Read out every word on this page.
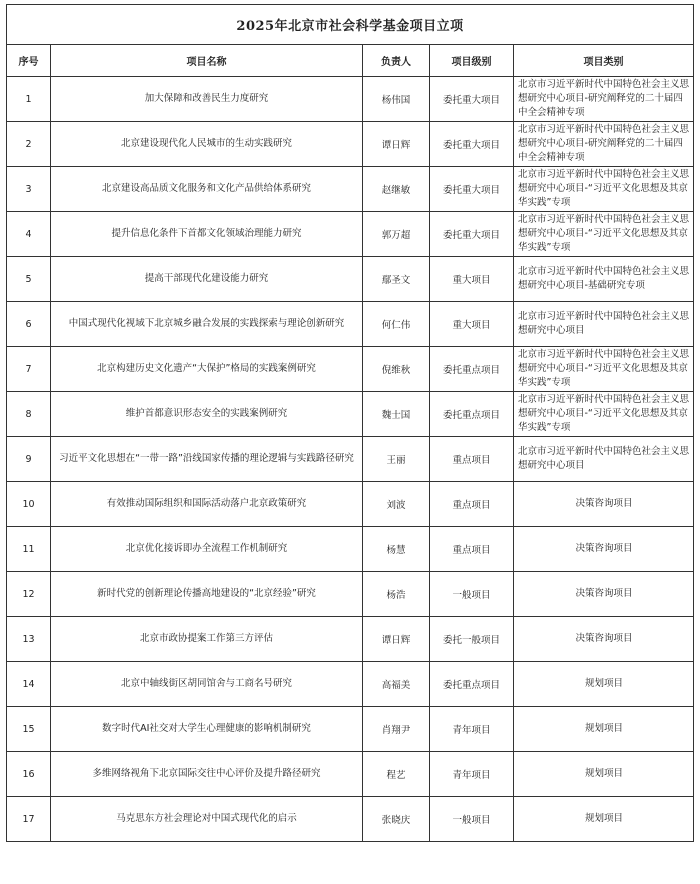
2025年北京市社会科学基金项目立项				
序号	项目名称	负责人	项目级别	项目类别
1	加大保障和改善民生力度研究	杨伟国	委托重大项目	北京市习近平新时代中国特色社会主义思想研究中心项目-研究阐释党的二十届四中全会精神专项
2	北京建设现代化人民城市的生动实践研究	谭日辉	委托重大项目	北京市习近平新时代中国特色社会主义思想研究中心项目-研究阐释党的二十届四中全会精神专项
3	北京建设高品质文化服务和文化产品供给体系研究	赵继敏	委托重大项目	北京市习近平新时代中国特色社会主义思想研究中心项目-“习近平文化思想及其京华实践”专项
4	提升信息化条件下首都文化领域治理能力研究	郭万超	委托重大项目	北京市习近平新时代中国特色社会主义思想研究中心项目-“习近平文化思想及其京华实践”专项
5	提高干部现代化建设能力研究	鄢圣文	重大项目	北京市习近平新时代中国特色社会主义思想研究中心项目-基础研究专项
6	中国式现代化视域下北京城乡融合发展的实践探索与理论创新研究	何仁伟	重大项目	北京市习近平新时代中国特色社会主义思想研究中心项目
7	北京构建历史文化遗产“大保护”格局的实践案例研究	倪维秋	委托重点项目	北京市习近平新时代中国特色社会主义思想研究中心项目-“习近平文化思想及其京华实践”专项
8	维护首都意识形态安全的实践案例研究	魏士国	委托重点项目	北京市习近平新时代中国特色社会主义思想研究中心项目-“习近平文化思想及其京华实践”专项
9	习近平文化思想在“一带一路”沿线国家传播的理论逻辑与实践路径研究	王丽	重点项目	北京市习近平新时代中国特色社会主义思想研究中心项目
10	有效推动国际组织和国际活动落户北京政策研究	刘波	重点项目	决策咨询项目
11	北京优化接诉即办全流程工作机制研究	杨慧	重点项目	决策咨询项目
12	新时代党的创新理论传播高地建设的“北京经验”研究	杨浩	一般项目	决策咨询项目
13	北京市政协提案工作第三方评估	谭日辉	委托一般项目	决策咨询项目
14	北京中轴线街区胡同馆舍与工商名号研究	高福美	委托重点项目	规划项目
15	数字时代AI社交对大学生心理健康的影响机制研究	肖翔尹	青年项目	规划项目
16	多维网络视角下北京国际交往中心评价及提升路径研究	程艺	青年项目	规划项目
17	马克思东方社会理论对中国式现代化的启示	张晓庆	一般项目	规划项目
